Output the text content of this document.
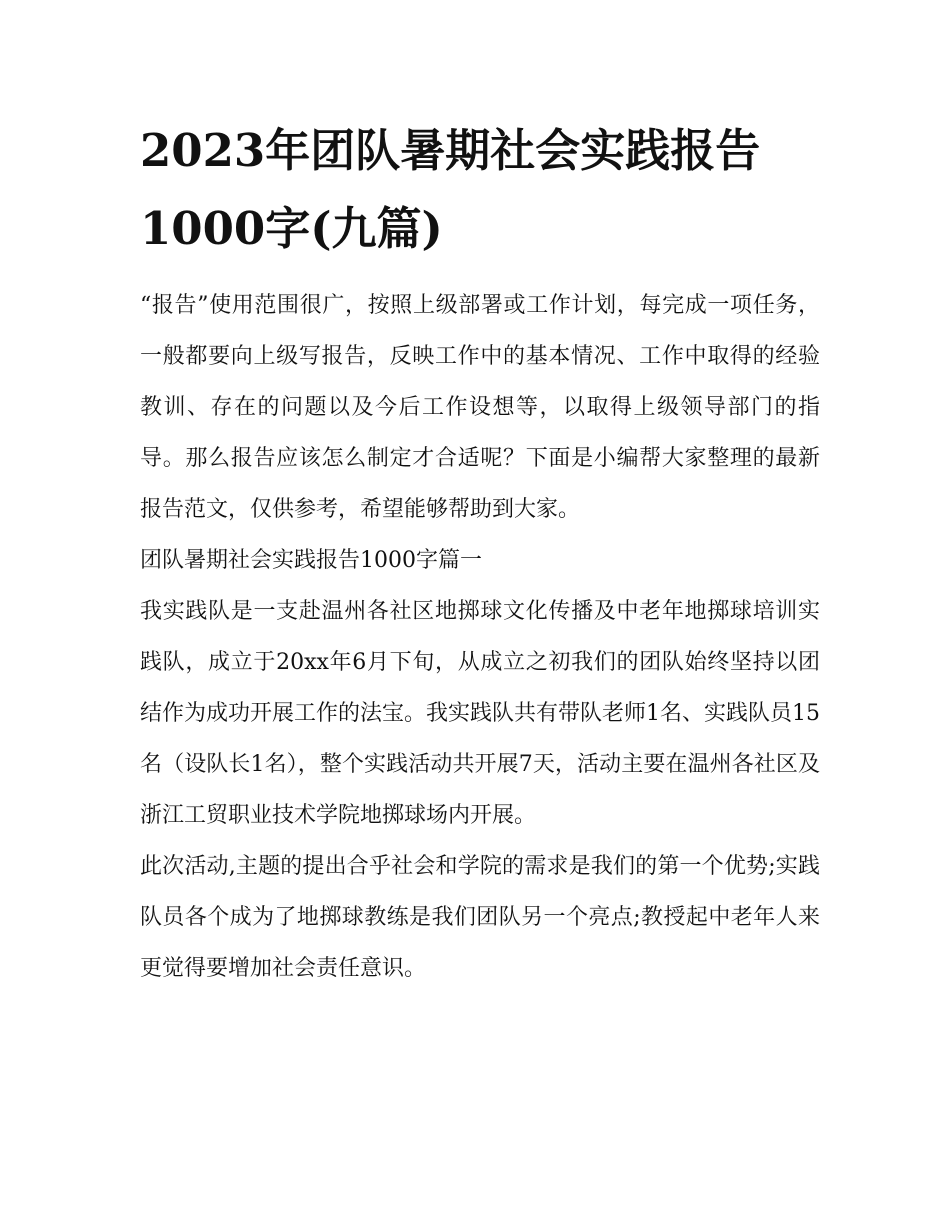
2023年团队暑期社会实践报告1000字(九篇)

“报告”使用范围很广，按照上级部署或工作计划，每完成一项任务，一般都要向上级写报告，反映工作中的基本情况、工作中取得的经验教训、存在的问题以及今后工作设想等，以取得上级领导部门的指导。那么报告应该怎么制定才合适呢？下面是小编帮大家整理的最新报告范文，仅供参考，希望能够帮助到大家。

团队暑期社会实践报告1000字篇一

我实践队是一支赴温州各社区地掷球文化传播及中老年地掷球培训实践队，成立于20xx年6月下旬，从成立之初我们的团队始终坚持以团结作为成功开展工作的法宝。我实践队共有带队老师1名、实践队员15名（设队长1名），整个实践活动共开展7天，活动主要在温州各社区及浙江工贸职业技术学院地掷球场内开展。

此次活动,主题的提出合乎社会和学院的需求是我们的第一个优势;实践队员各个成为了地掷球教练是我们团队另一个亮点;教授起中老年人来更觉得要增加社会责任意识。
